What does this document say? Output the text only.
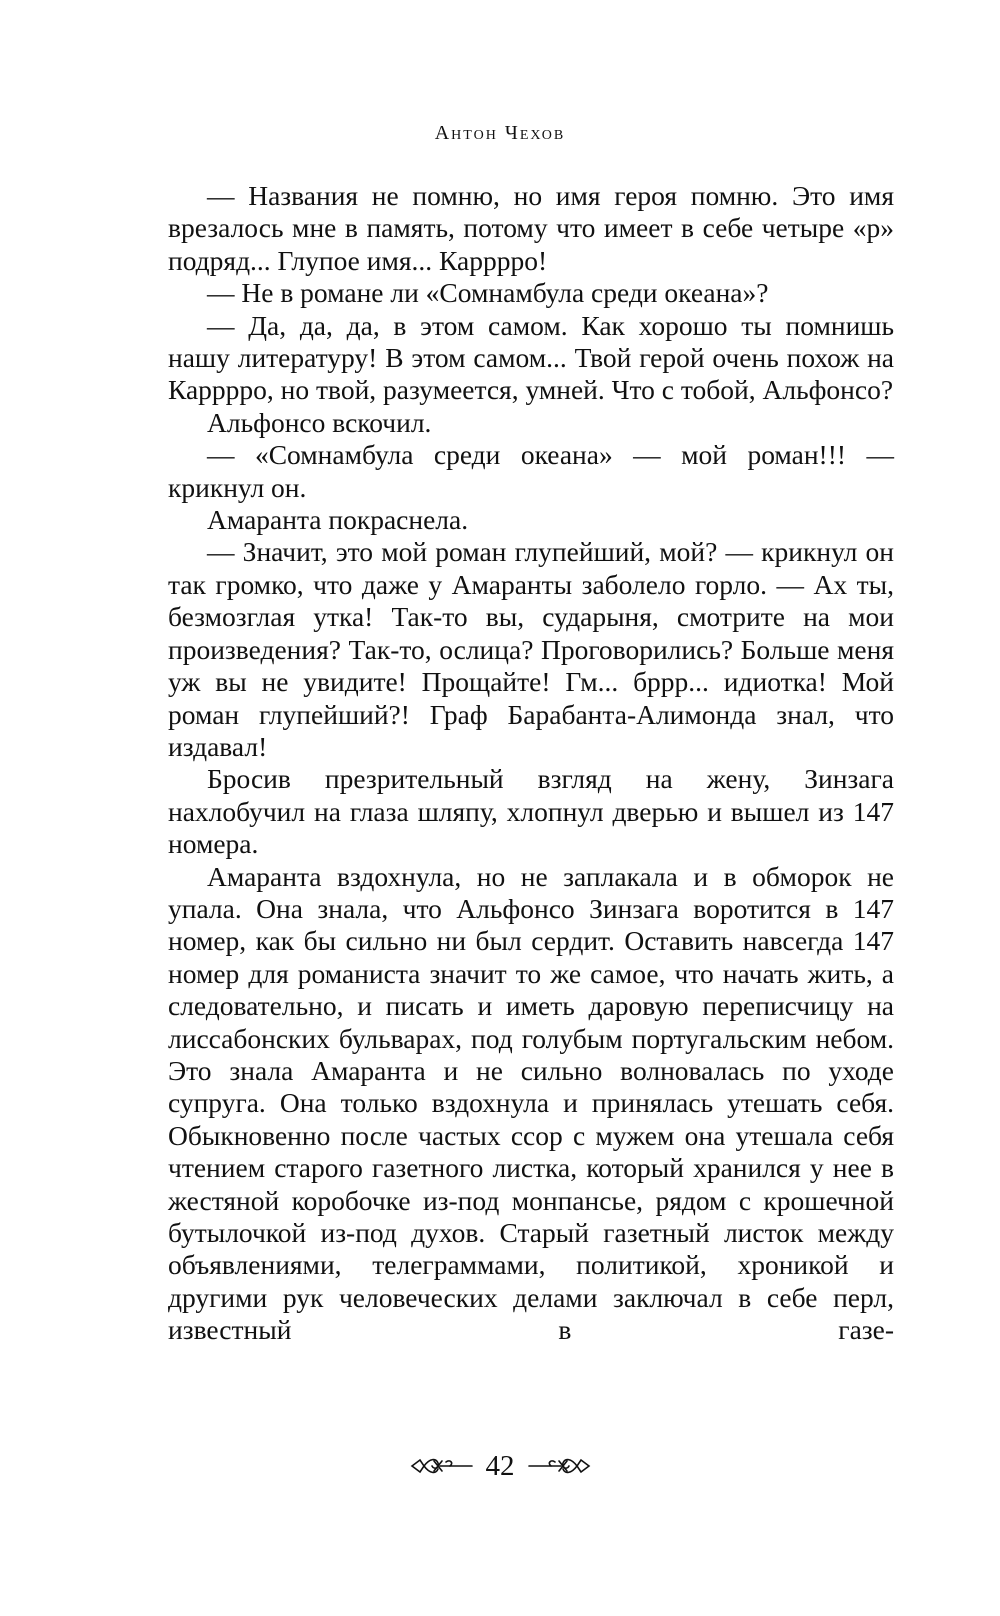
Антон Чехов

— Названия не помню, но имя героя помню. Это имя врезалось мне в память, потому что имеет в себе четыре «р» подряд... Глупое имя... Каррррo!

— Не в романе ли «Сомнамбула среди океана»?

— Да, да, да, в этом самом. Как хорошо ты помнишь нашу литературу! В этом самом... Твой герой очень похож на Карррро, но твой, разумеется, умней. Что с тобой, Альфонсо?

Альфонсо вскочил.

— «Сомнамбула среди океана» — мой роман!!! — крикнул он.

Амаранта покраснела.

— Значит, это мой роман глупейший, мой? — крикнул он так громко, что даже у Амаранты заболело горло. — Ах ты, безмозглая утка! Так-то вы, сударыня, смотрите на мои произведения? Так-то, ослица? Проговорились? Больше меня уж вы не увидите! Прощайте! Гм... бррр... идиотка! Мой роман глупейший?! Граф Барабанта-Алимонда знал, что издавал!

Бросив презрительный взгляд на жену, Зинзага нахлобучил на глаза шляпу, хлопнул дверью и вышел из 147 номера.

Амаранта вздохнула, но не заплакала и в обморок не упала. Она знала, что Альфонсо Зинзага воротится в 147 номер, как бы сильно ни был сердит. Оставить навсегда 147 номер для романиста значит то же самое, что начать жить, а следовательно, и писать и иметь даровую переписчицу на лиссабонских бульварах, под голубым португальским небом. Это знала Амаранта и не сильно волновалась по уходе супруга. Она только вздохнула и принялась утешать себя. Обыкновенно после частых ссор с мужем она утешала себя чтением старого газетного листка, который хранился у нее в жестяной коробочке из-под монпансье, рядом с крошечной бутылочкой из-под духов. Старый газетный листок между объявлениями, телеграммами, политикой, хроникой и другими рук человеческих делами заключал в себе перл, известный в газе-

42
